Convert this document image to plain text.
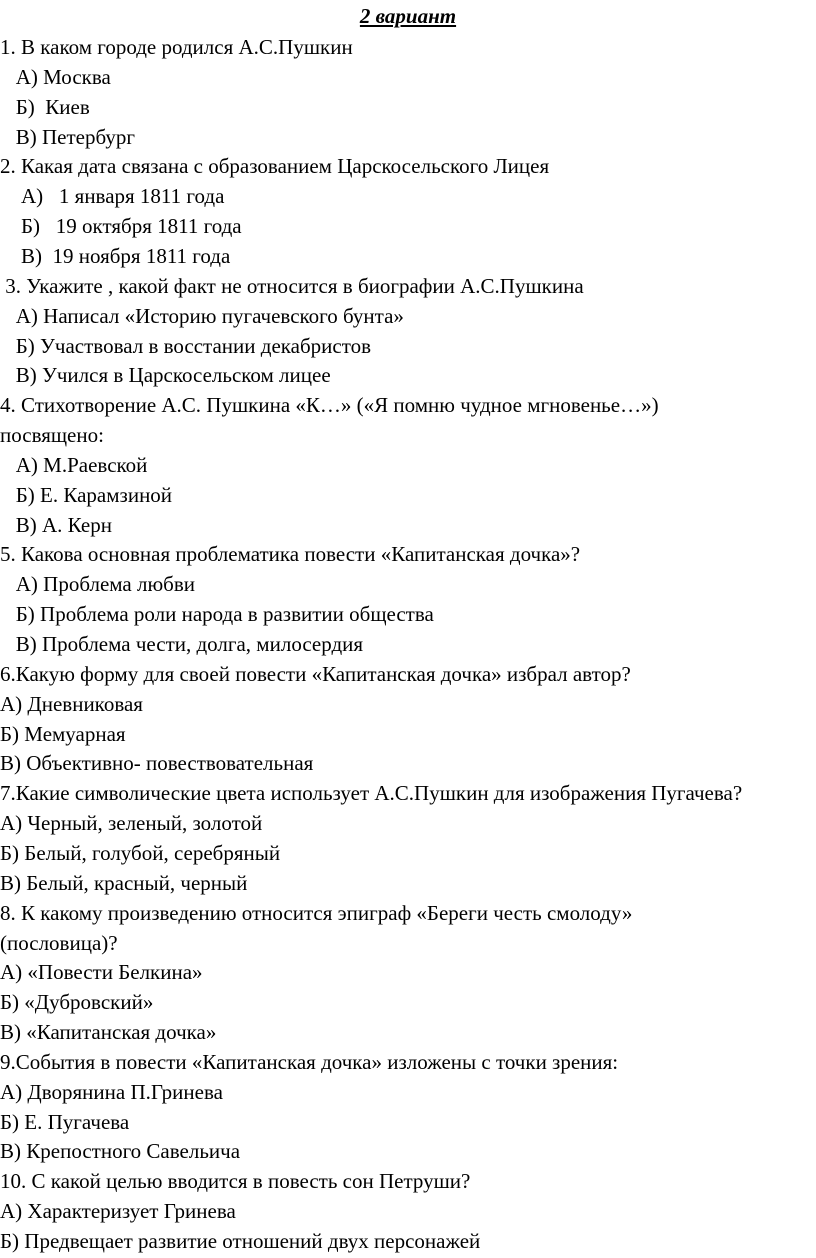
2 вариант
1. В каком городе родился А.С.Пушкин
А) Москва
Б)  Киев
В) Петербург
2. Какая дата связана с образованием Царскосельского Лицея
А)   1 января 1811 года
Б)   19 октября 1811 года
В)  19 ноября 1811 года
3. Укажите , какой факт не относится в биографии А.С.Пушкина
А) Написал «Историю пугачевского бунта»
Б) Участвовал в восстании декабристов
В) Учился в Царскосельском лицее
4. Стихотворение А.С. Пушкина «К…» («Я помню чудное мгновенье…»)
посвящено:
А) М.Раевской
Б) Е. Карамзиной
В) А. Керн
5. Какова основная проблематика повести «Капитанская дочка»?
А) Проблема любви
Б) Проблема роли народа в развитии общества
В) Проблема чести, долга, милосердия
6.Какую форму для своей повести «Капитанская дочка» избрал автор?
А) Дневниковая
Б) Мемуарная
В) Объективно- повествовательная
7.Какие символические цвета использует А.С.Пушкин для изображения Пугачева?
А) Черный, зеленый, золотой
Б) Белый, голубой, серебряный
В) Белый, красный, черный
8. К какому произведению относится эпиграф «Береги честь смолоду»
(пословица)?
А) «Повести Белкина»
Б) «Дубровский»
В) «Капитанская дочка»
9.События в повести «Капитанская дочка» изложены с точки зрения:
А) Дворянина П.Гринева
Б) Е. Пугачева
В) Крепостного Савельича
10. С какой целью вводится в повесть сон Петруши?
А) Характеризует Гринева
Б) Предвещает развитие отношений двух персонажей
